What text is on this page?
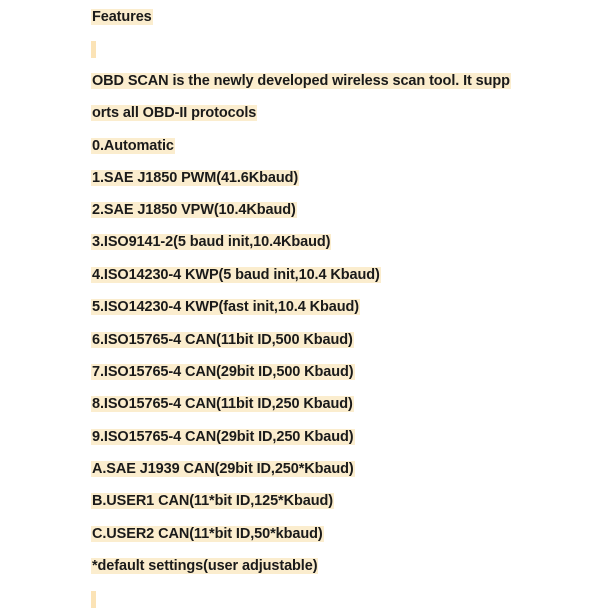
Features
OBD SCAN is the newly developed wireless scan tool. It supp
orts all OBD-II protocols
0.Automatic
1.SAE J1850 PWM(41.6Kbaud)
2.SAE J1850 VPW(10.4Kbaud)
3.ISO9141-2(5 baud init,10.4Kbaud)
4.ISO14230-4 KWP(5 baud init,10.4 Kbaud)
5.ISO14230-4 KWP(fast init,10.4 Kbaud)
6.ISO15765-4 CAN(11bit ID,500 Kbaud)
7.ISO15765-4 CAN(29bit ID,500 Kbaud)
8.ISO15765-4 CAN(11bit ID,250 Kbaud)
9.ISO15765-4 CAN(29bit ID,250 Kbaud)
A.SAE J1939 CAN(29bit ID,250*Kbaud)
B.USER1 CAN(11*bit ID,125*Kbaud)
C.USER2 CAN(11*bit ID,50*kbaud)
*default settings(user adjustable)
